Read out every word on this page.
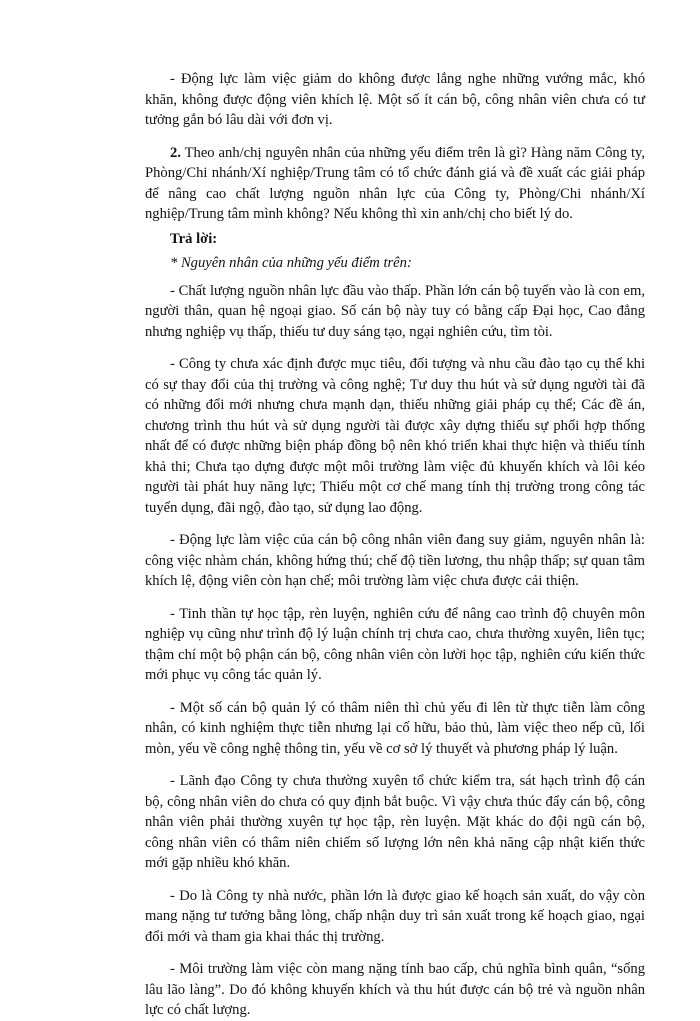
- Động lực làm việc giảm do không được lắng nghe những vướng mắc, khó khăn, không được động viên khích lệ. Một số ít cán bộ, công nhân viên chưa có tư tưởng gắn bó lâu dài với đơn vị.

2. Theo anh/chị nguyên nhân của những yếu điểm trên là gì? Hàng năm Công ty, Phòng/Chi nhánh/Xí nghiệp/Trung tâm có tổ chức đánh giá và đề xuất các giải pháp để nâng cao chất lượng nguồn nhân lực của Công ty, Phòng/Chi nhánh/Xí nghiệp/Trung tâm mình không? Nếu không thì xin anh/chị cho biết lý do.

Trả lời:

* Nguyên nhân của những yếu điểm trên:

- Chất lượng nguồn nhân lực đầu vào thấp. Phần lớn cán bộ tuyển vào là con em, người thân, quan hệ ngoại giao. Số cán bộ này tuy có bằng cấp Đại học, Cao đẳng nhưng nghiệp vụ thấp, thiếu tư duy sáng tạo, ngại nghiên cứu, tìm tòi.

- Công ty chưa xác định được mục tiêu, đối tượng và nhu cầu đào tạo cụ thể khi có sự thay đổi của thị trường và công nghệ; Tư duy thu hút và sử dụng người tài đã có những đổi mới nhưng chưa mạnh dạn, thiếu những giải pháp cụ thể; Các đề án, chương trình thu hút và sử dụng người tài được xây dựng thiếu sự phối hợp thống nhất để có được những biện pháp đồng bộ nên khó triển khai thực hiện và thiếu tính khả thi; Chưa tạo dựng được một môi trường làm việc đủ khuyến khích và lôi kéo người tài phát huy năng lực; Thiếu một cơ chế mang tính thị trường trong công tác tuyển dụng, đãi ngộ, đào tạo, sử dụng lao động.

- Động lực làm việc của cán bộ công nhân viên đang suy giảm, nguyên nhân là: công việc nhàm chán, không hứng thú; chế độ tiền lương, thu nhập thấp; sự quan tâm khích lệ, động viên còn hạn chế; môi trường làm việc chưa được cải thiện.

- Tinh thần tự học tập, rèn luyện, nghiên cứu để nâng cao trình độ chuyên môn nghiệp vụ cũng như trình độ lý luận chính trị chưa cao, chưa thường xuyên, liên tục; thậm chí một bộ phận cán bộ, công nhân viên còn lười học tập, nghiên cứu kiến thức mới phục vụ công tác quản lý.

- Một số cán bộ quản lý có thâm niên thì chủ yếu đi lên từ thực tiễn làm công nhân, có kinh nghiệm thực tiễn nhưng lại cố hữu, bảo thủ, làm việc theo nếp cũ, lối mòn, yếu về công nghệ thông tin, yếu về cơ sở lý thuyết và phương pháp lý luận.

- Lãnh đạo Công ty chưa thường xuyên tổ chức kiểm tra, sát hạch trình độ cán bộ, công nhân viên do chưa có quy định bắt buộc. Vì vậy chưa thúc đẩy cán bộ, công nhân viên phải thường xuyên tự học tập, rèn luyện. Mặt khác do đội ngũ cán bộ, công nhân viên có thâm niên chiếm số lượng lớn nên khả năng cập nhật kiến thức mới gặp nhiều khó khăn.

- Do là Công ty nhà nước, phần lớn là được giao kế hoạch sản xuất, do vậy còn mang nặng tư tưởng bằng lòng, chấp nhận duy trì sản xuất trong kế hoạch giao, ngại đổi mới và tham gia khai thác thị trường.

- Môi trường làm việc còn mang nặng tính bao cấp, chủ nghĩa bình quân, “sống lâu lão làng”. Do đó không khuyến khích và thu hút được cán bộ trẻ và nguồn nhân lực có chất lượng.
